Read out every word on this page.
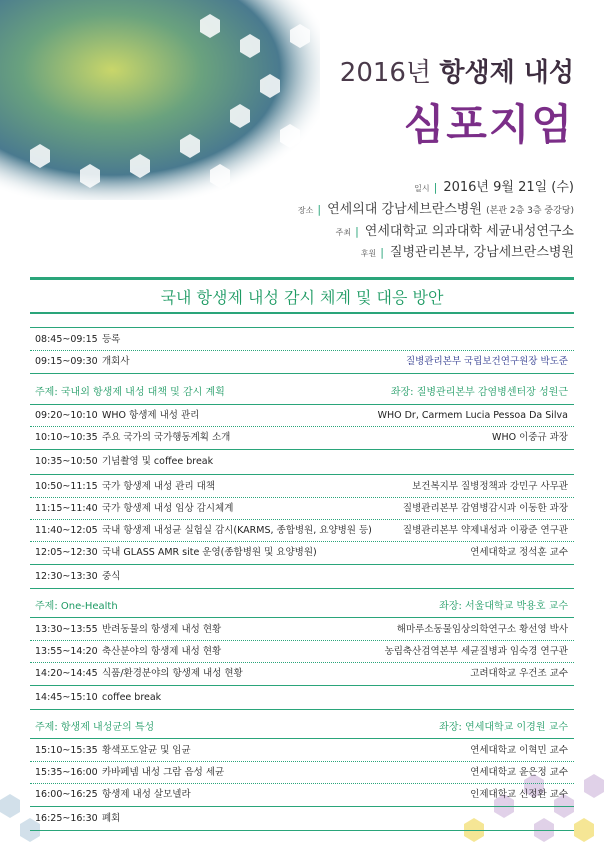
2016년 항생제 내성
심포지엄
일시 | 2016년 9월 21일 (수)
장소 | 연세의대 강남세브란스병원 (본관 2층 3층 중강당)
주최 | 연세대학교 의과대학 세균내성연구소
후원 | 질병관리본부, 강남세브란스병원
국내 항생제 내성 감시 체계 및 대응 방안
08:45~09:15 등록
09:15~09:30 개회사	질병관리본부 국립보건연구원장 박도준
주제: 국내외 항생제 내성 대책 및 감시 계획	좌장: 질병관리본부 감염병센터장 성원근
09:20~10:10 WHO 항생제 내성 관리	WHO Dr, Carmem Lucia Pessoa Da Silva
10:10~10:35 주요 국가의 국가행동계획 소개	WHO 이중규 과장
10:35~10:50 기념촬영 및 coffee break
10:50~11:15 국가 항생제 내성 관리 대책	보건복지부 질병정책과 강민구 사무관
11:15~11:40 국가 항생제 내성 임상 감시체계	질병관리본부 감염병감시과 이동한 과장
11:40~12:05 국내 항생제 내성균 실험실 감시(KARMS, 종합병원, 요양병원 등)	질병관리본부 약제내성과 이광준 연구관
12:05~12:30 국내 GLASS AMR site 운영(종합병원 및 요양병원)	연세대학교 정석훈 교수
12:30~13:30 중식
주제: One-Health	좌장: 서울대학교 박용호 교수
13:30~13:55 반려동물의 항생제 내성 현황	해마루소동물임상의학연구소 황선영 박사
13:55~14:20 축산분야의 항생제 내성 현황	농림축산검역본부 세균질병과 임숙경 연구관
14:20~14:45 식품/환경분야의 항생제 내성 현황	고려대학교 우건조 교수
14:45~15:10 coffee break
주제: 항생제 내성균의 특성	좌장: 연세대학교 이경원 교수
15:10~15:35 황색포도알균 및 임균	연세대학교 이혁민 교수
15:35~16:00 카바페넴 내성 그람 음성 세균	연세대학교 윤은정 교수
16:00~16:25 항생제 내성 살모넬라	인제대학교 신정환 교수
16:25~16:30 폐회
